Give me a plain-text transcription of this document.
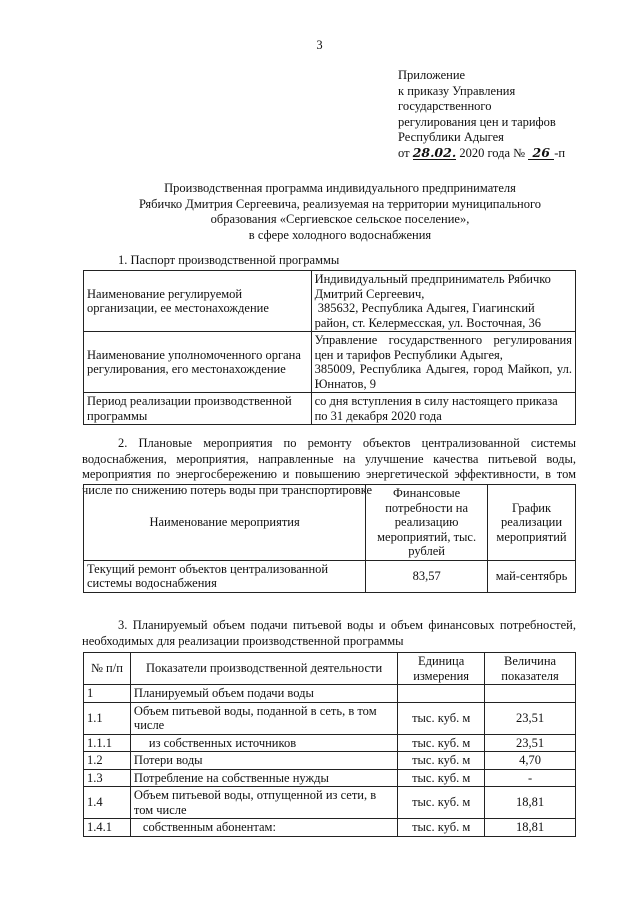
3
Приложение
к приказу Управления
государственного
регулирования цен и тарифов
Республики Адыгея
от 28.02. 2020 года № 26 -п
Производственная программа индивидуального предпринимателя
Рябичко Дмитрия Сергеевича, реализуемая на территории муниципального
образования «Сергиевское сельское поселение»,
в сфере холодного водоснабжения
1. Паспорт производственной программы
Наименование регулируемой организации, ее местонахождение	Индивидуальный предприниматель Рябичко Дмитрий Сергеевич,
385632, Республика Адыгея, Гиагинский район, ст. Келермесская, ул. Восточная, 36

Наименование уполномоченного органа регулирования, его местонахождение	Управление государственного регулирования цен и тарифов Республики Адыгея,
385009, Республика Адыгея, город Майкоп, ул. Юннатов, 9

Период реализации производственной программы	со дня вступления в силу настоящего приказа по 31 декабря 2020 года
2. Плановые мероприятия по ремонту объектов централизованной системы водоснабжения, мероприятия, направленные на улучшение качества питьевой воды, мероприятия по энергосбережению и повышению энергетической эффективности, в том числе по снижению потерь воды при транспортировке
Наименование мероприятия	Финансовые потребности на реализацию мероприятий, тыс. рублей	График реализации мероприятий
Текущий ремонт объектов централизованной системы водоснабжения	83,57	май-сентябрь
3. Планируемый объем подачи питьевой воды и объем финансовых потребностей, необходимых для реализации производственной программы
№ п/п	Показатели производственной деятельности	Единица измерения	Величина показателя
1	Планируемый объем подачи воды		
1.1	Объем питьевой воды, поданной в сеть, в том числе	тыс. куб. м	23,51
1.1.1	из собственных источников	тыс. куб. м	23,51
1.2	Потери воды	тыс. куб. м	4,70
1.3	Потребление на собственные нужды	тыс. куб. м	-
1.4	Объем питьевой воды, отпущенной из сети, в том числе	тыс. куб. м	18,81
1.4.1	собственным абонентам:	тыс. куб. м	18,81
